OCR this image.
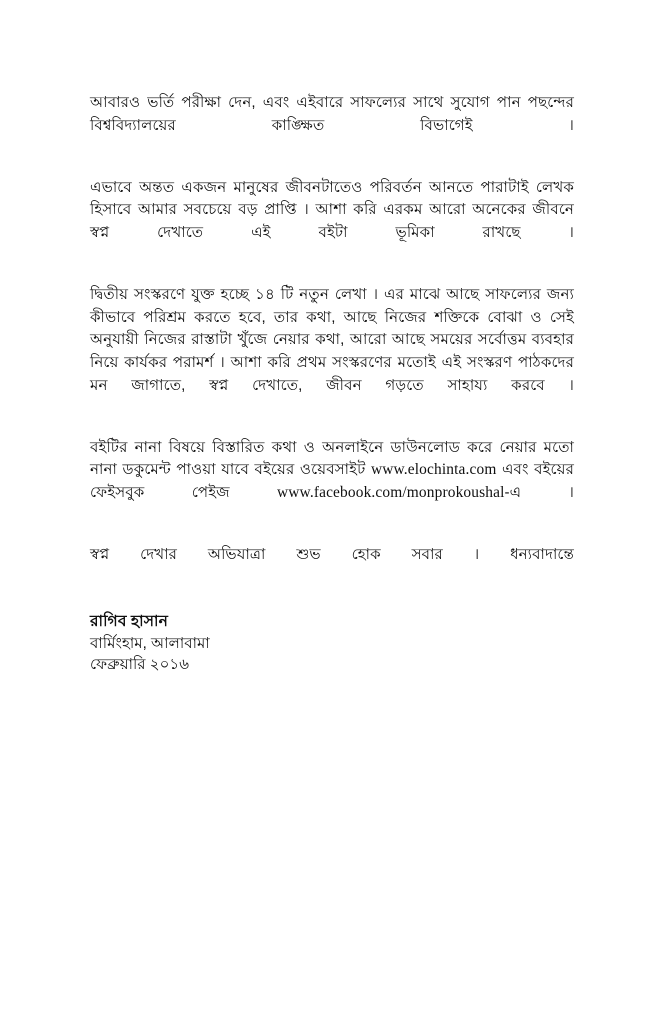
আবারও ভর্তি পরীক্ষা দেন, এবং এইবারে সাফল্যের সাথে সুযোগ পান পছন্দের বিশ্ববিদ্যালয়ের কাঙ্ক্ষিত বিভাগেই ।

এভাবে অন্তত একজন মানুষের জীবনটাতেও পরিবর্তন আনতে পারাটাই লেখক হিসাবে আমার সবচেয়ে বড় প্রাপ্তি । আশা করি এরকম আরো অনেকের জীবনে স্বপ্ন দেখাতে এই বইটা ভূমিকা রাখছে ।

দ্বিতীয় সংস্করণে যুক্ত হচ্ছে ১৪ টি নতুন লেখা । এর মাঝে আছে সাফল্যের জন্য কীভাবে পরিশ্রম করতে হবে, তার কথা, আছে নিজের শক্তিকে বোঝা ও সেই অনুযায়ী নিজের রাস্তাটা খুঁজে নেয়ার কথা, আরো আছে সময়ের সর্বোত্তম ব্যবহার নিয়ে কার্যকর পরামর্শ । আশা করি প্রথম সংস্করণের মতোই এই সংস্করণ পাঠকদের মন জাগাতে, স্বপ্ন দেখাতে, জীবন গড়তে সাহায্য করবে ।

বইটির নানা বিষয়ে বিস্তারিত কথা ও অনলাইনে ডাউনলোড করে নেয়ার মতো নানা ডকুমেন্ট পাওয়া যাবে বইয়ের ওয়েবসাইট www.elochinta.com এবং বইয়ের ফেইসবুক পেইজ www.facebook.com/monprokoushal-এ ।

স্বপ্ন দেখার অভিযাত্রা শুভ হোক সবার । ধন্যবাদান্তে

রাগিব হাসান
বার্মিংহাম, আলাবামা
ফেব্রুয়ারি ২০১৬
